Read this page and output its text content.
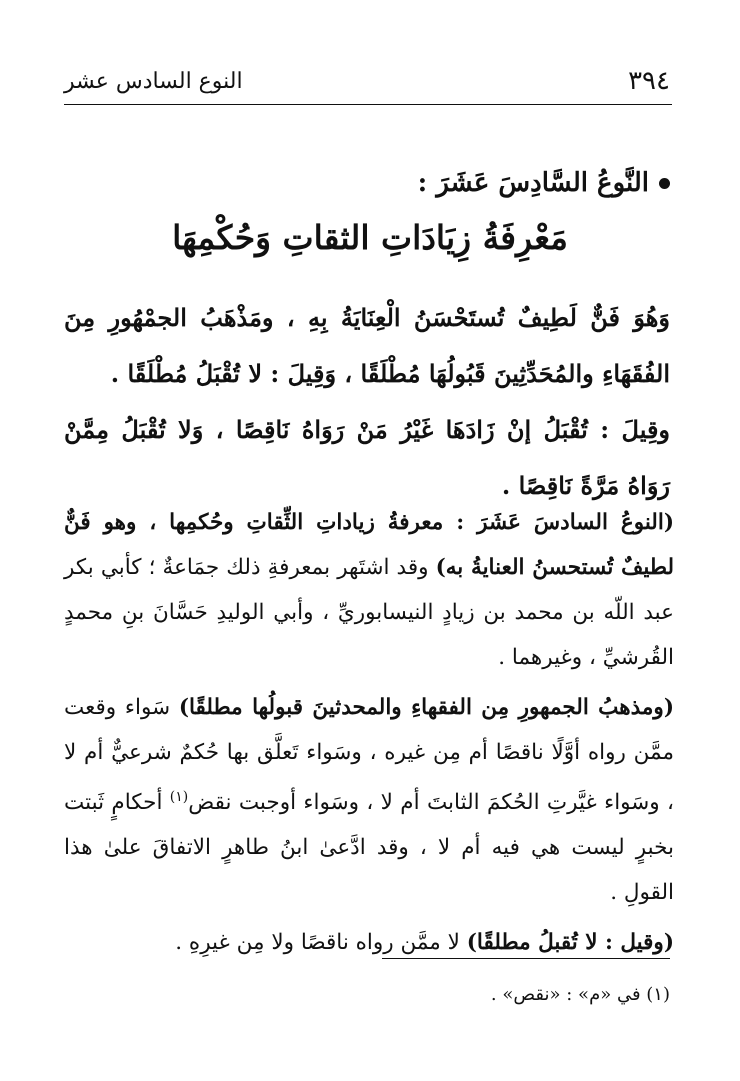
٣٩٤
النوع السادس عشر
النَّوعُ السَّادِسَ عَشَرَ :
مَعْرِفَةُ زِيَادَاتِ الثقاتِ وَحُكْمِهَا

وَهُوَ فَنٌّ لَطِيفٌ تُستَحْسَنُ الْعِنَايَةُ بِهِ ، ومَذْهَبُ الجمْهُورِ مِنَ الفُقَهَاءِ والمُحَدِّثِينَ قَبُولُهَا مُطْلَقًا ، وَقِيلَ : لا تُقْبَلُ مُطْلَقًا .

وقِيلَ : تُقْبَلُ إنْ زَادَهَا غَيْرُ مَنْ رَوَاهُ نَاقِصًا ، وَلا تُقْبَلُ مِمَّنْ رَوَاهُ مَرَّةً نَاقِصًا .

(النوعُ السادسَ عَشَرَ : معرفةُ زياداتِ الثِّقاتِ وحُكمِها ، وهو فَنٌّ لطيفٌ تُستحسنُ العنايةُ به) وقد اشتَهر بمعرفةِ ذلك جمَاعةٌ ؛ كأبي بكر عبد اللّه بن محمد بن زيادٍ النيسابوريِّ ، وأبي الوليدِ حَسَّانَ بنِ محمدٍ القُرشيِّ ، وغيرهما .

(ومذهبُ الجمهورِ مِن الفقهاءِ والمحدثينَ قبولُها مطلقًا) سَواء وقعت ممَّن رواه أوَّلًا ناقصًا أم مِن غيره ، وسَواء تَعلَّق بها حُكمٌ شرعيٌّ أم لا ، وسَواء غيَّرتِ الحُكمَ الثابتَ أم لا ، وسَواء أوجبت نقض$^{(١)}$ أحكامٍ ثَبتت بخبرٍ ليست هي فيه أم لا ، وقد ادَّعىٰ ابنُ طاهرٍ الاتفاقَ علىٰ هذا القولِ .

(وقيل : لا تُقبلُ مطلقًا) لا ممَّن رواه ناقصًا ولا مِن غيرِهِ .

(١) في «م» : «نقص» .
